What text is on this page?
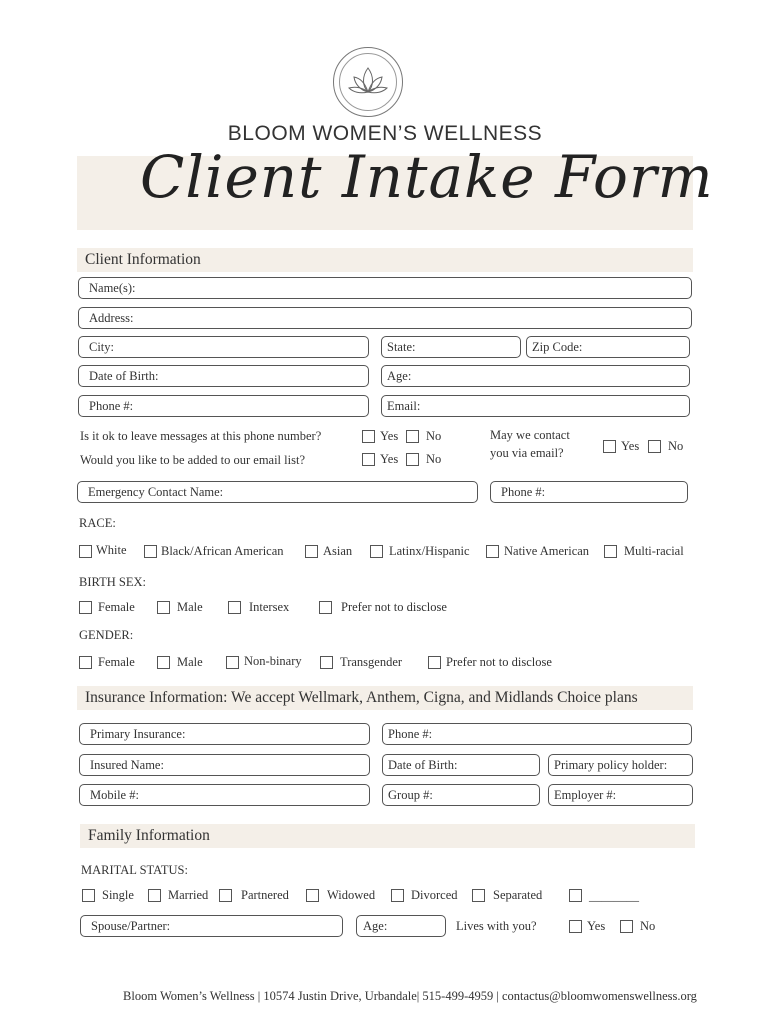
BLOOM WOMEN’S WELLNESS
Client Intake Form
Client Information
Name(s):
Address:
City:	State:	Zip Code:
Date of Birth:	Age:
Phone #:	Email:
Is it ok to leave messages at this phone number?	Yes No
Would you like to be added to our email list?	Yes No
May we contact
you via email?	Yes No
Emergency Contact Name:	Phone #:
RACE:
White	Black/African American	Asian	Latinx/Hispanic	Native American	Multi-racial
BIRTH SEX:
Female	Male	Intersex	Prefer not to disclose
GENDER:
Female	Male	Non-binary	Transgender	Prefer not to disclose
Insurance Information: We accept Wellmark, Anthem, Cigna, and Midlands Choice plans
Primary Insurance:	Phone #:
Insured Name:	Date of Birth:	Primary policy holder:
Mobile #:	Group #:	Employer #:
Family Information
MARITAL STATUS:
Single	Married	Partnered	Widowed	Divorced	Separated	________
Spouse/Partner:	Age:	Lives with you?	Yes	No
Bloom Women’s Wellness | 10574 Justin Drive, Urbandale| 515-499-4959 | contactus@bloomwomenswellness.org
